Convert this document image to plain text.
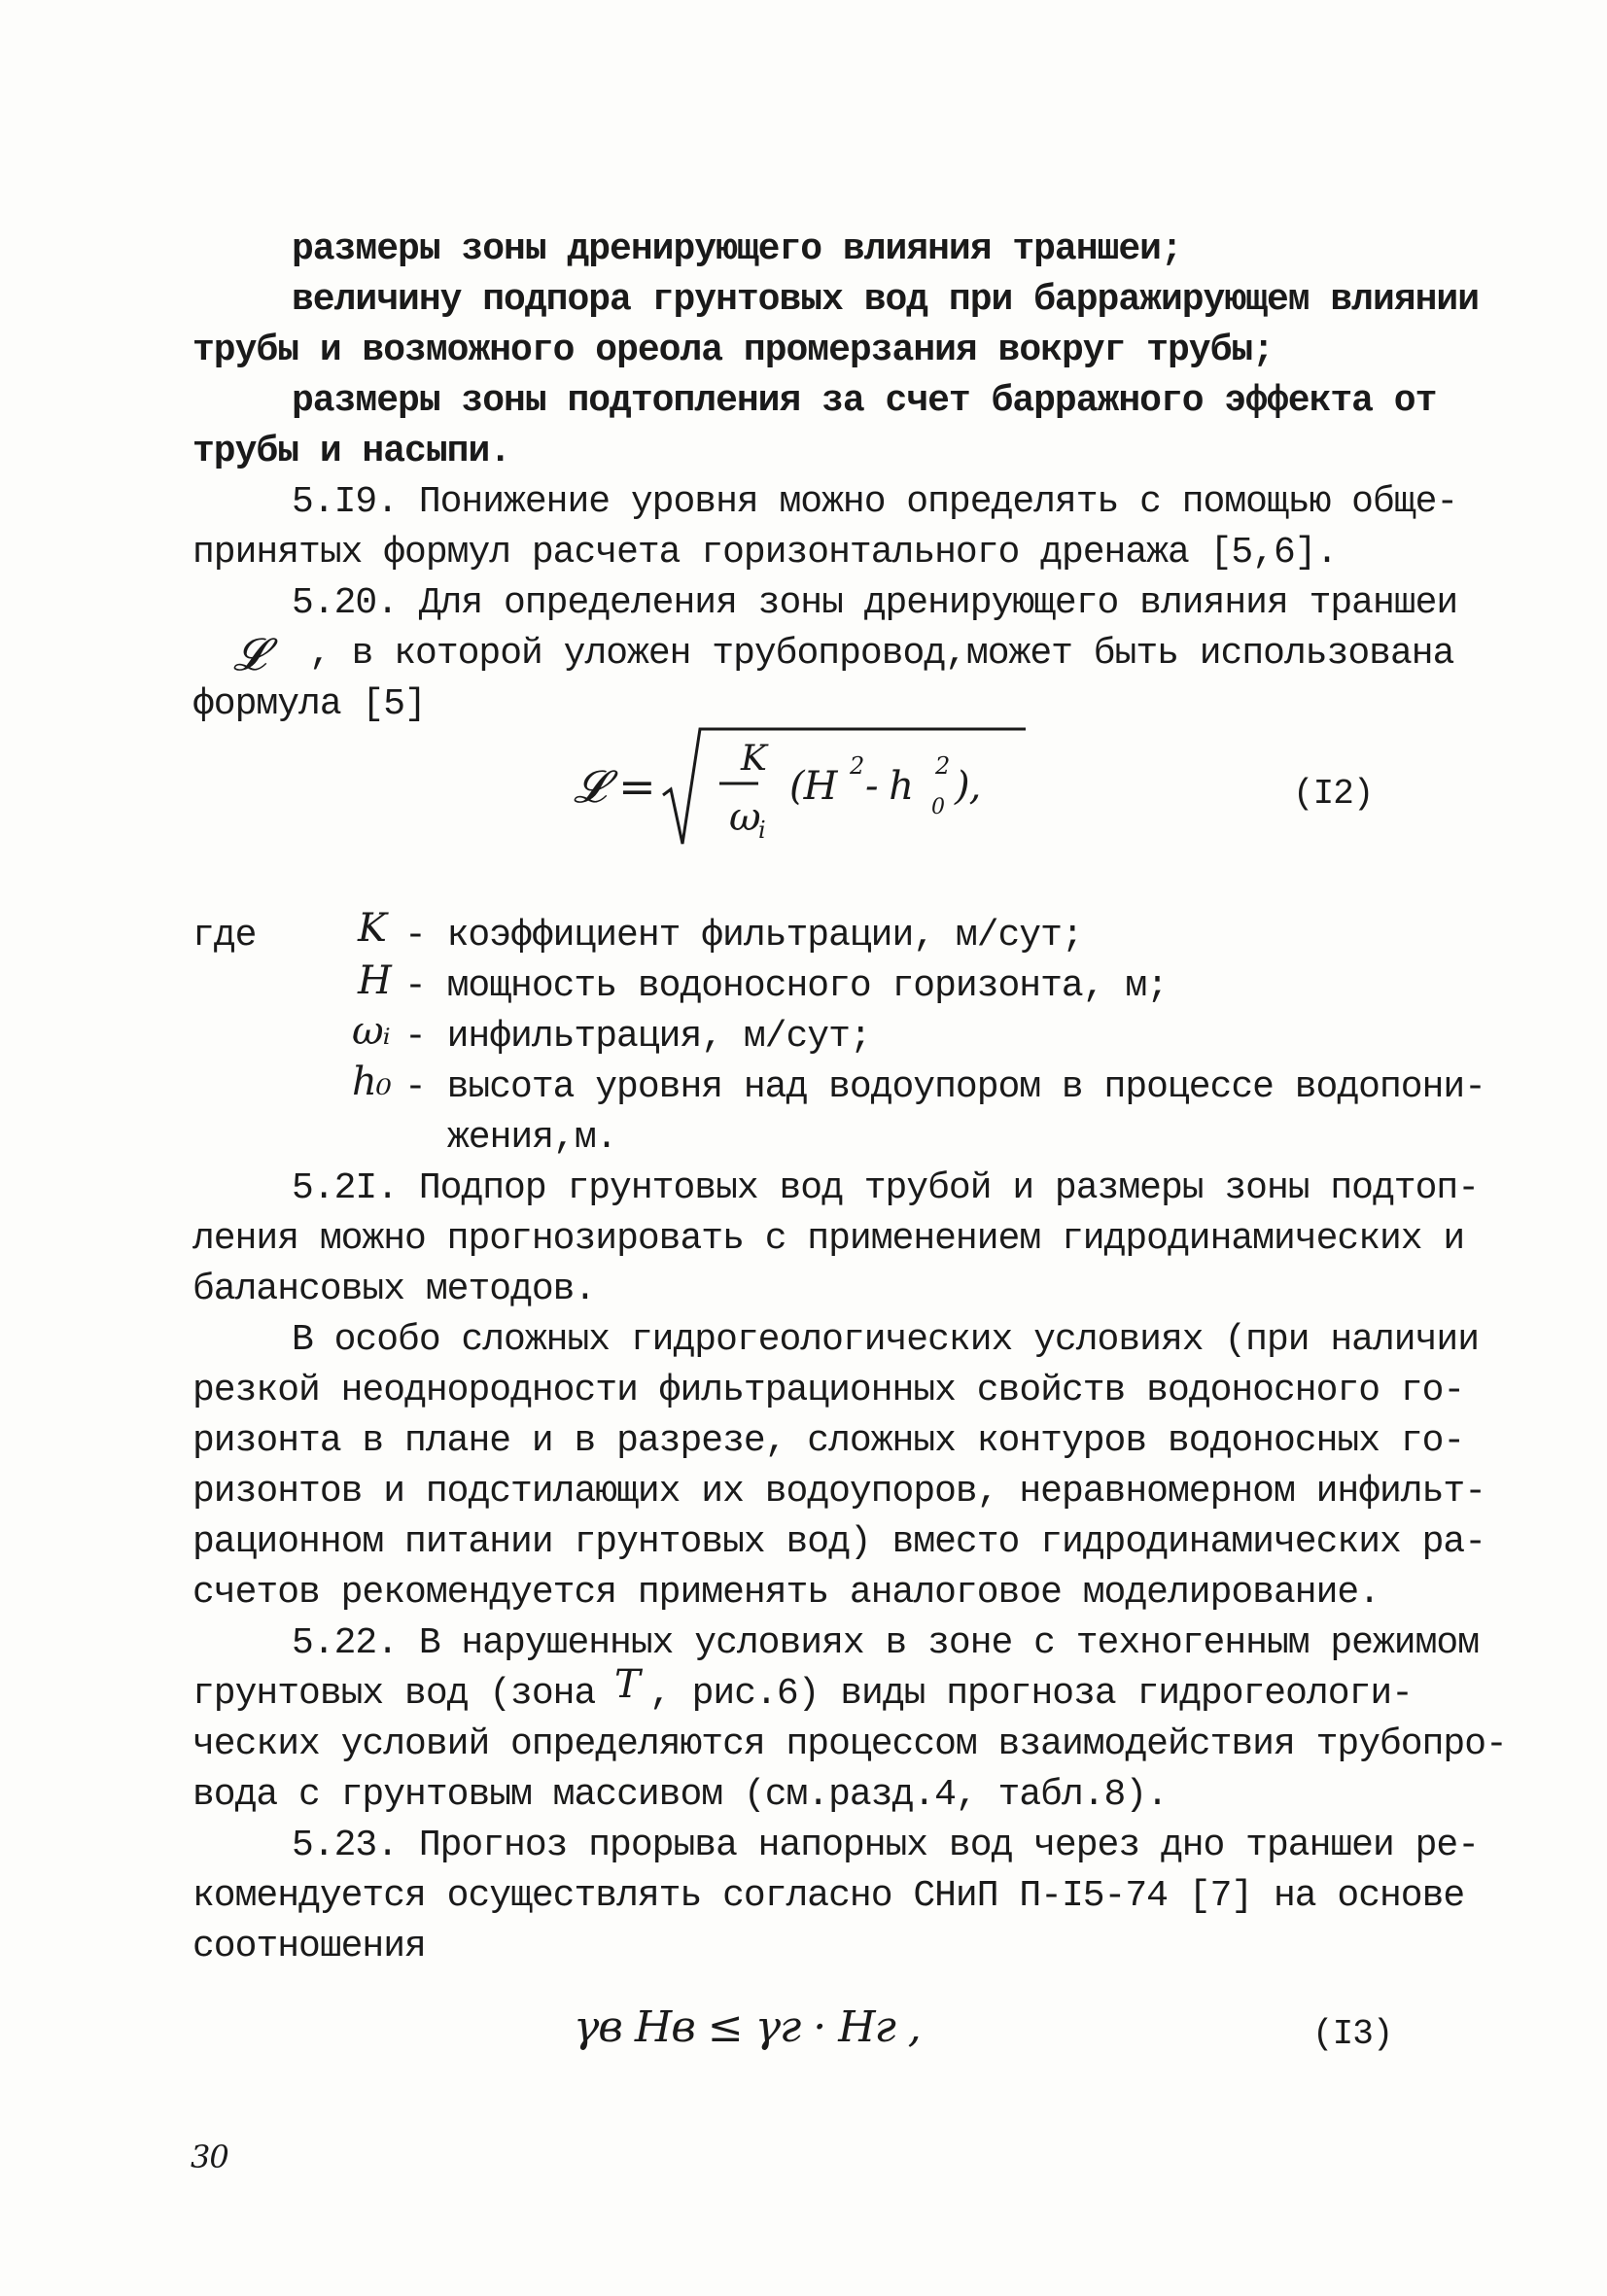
размеры зоны дренирующего влияния траншеи;
величину подпора грунтовых вод при барражирующем влиянии
трубы и возможного ореола промерзания вокруг трубы;
размеры зоны подтопления за счет барражного эффекта от
трубы и насыпи.
5.I9. Понижение уровня можно определять с помощью обще-
принятых формул расчета горизонтального дренажа [5,6].
5.20. Для определения зоны дренирующего влияния траншеи
𝓛 , в которой уложен трубопровод,может быть использована
формула [5]
𝓛 =
K
ω
i
(H 2 - h 2
0 ),	(I2)
где	K - коэффициент фильтрации, м/сут;
H - мощность водоносного горизонта, м;
ωᵢ - инфильтрация, м/сут;
h₀ - высота уровня над водоупором в процессе водопони-
жения,м.
5.2I. Подпор грунтовых вод трубой и размеры зоны подтоп-
ления можно прогнозировать с применением гидродинамических и
балансовых методов.
В особо сложных гидрогеологических условиях (при наличии
резкой неоднородности фильтрационных свойств водоносного го-
ризонта в плане и в разрезе, сложных контуров водоносных го-
ризонтов и подстилающих их водоупоров, неравномерном инфильт-
рационном питании грунтовых вод) вместо гидродинамических ра-
счетов рекомендуется применять аналоговое моделирование.
5.22. В нарушенных условиях в зоне с техногенным режимом
грунтовых вод (зона T , рис.6) виды прогноза гидрогеологи-
ческих условий определяются процессом взаимодействия трубопро-
вода с грунтовым массивом (см.разд.4, табл.8).
5.23. Прогноз прорыва напорных вод через дно траншеи ре-
комендуется осуществлять согласно СНиП П-I5-74 [7] на основе
соотношения
γв Hв ≤ γг · Hг ,	(I3)
30
